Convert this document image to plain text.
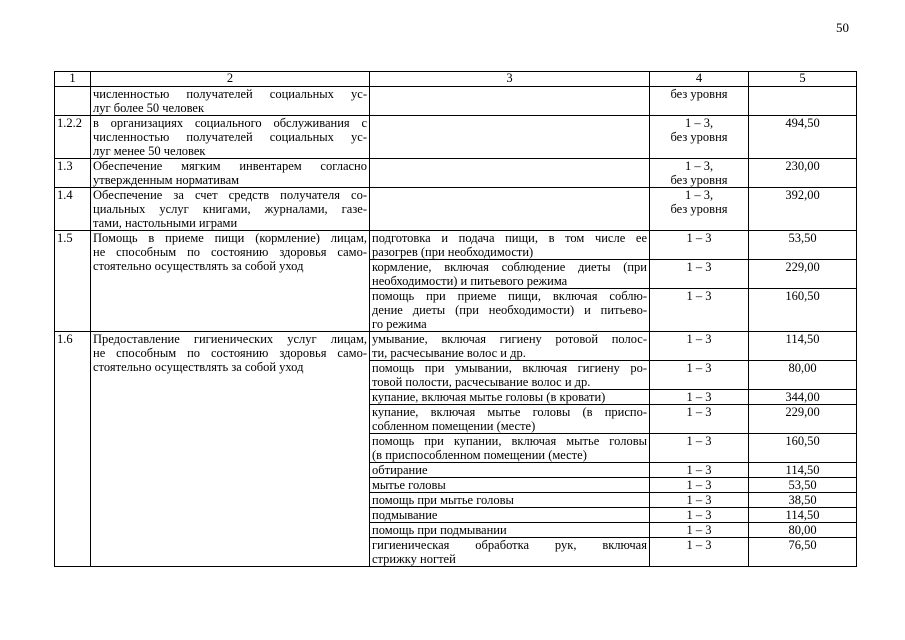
50
1	2	3	4	5

	численностью получателей социальных ус-
луг более 50 человек		без уровня	

1.2.2	в организациях социального обслуживания с
численностью получателей социальных ус-
луг менее 50 человек		1 – 3,
без уровня	494,50

1.3	Обеспечение мягким инвентарем согласно
утвержденным нормативам		1 – 3,
без уровня	230,00

1.4	Обеспечение за счет средств получателя со-
циальных услуг книгами, журналами, газе-
тами, настольными играми		1 – 3,
без уровня	392,00

1.5	Помощь в приеме пищи (кормление) лицам,
не способным по состоянию здоровья само-
стоятельно осуществлять за собой уход	подготовка и подача пищи, в том числе ее
разогрев (при необходимости)	1 – 3	53,50

		кормление, включая соблюдение диеты (при
необходимости) и питьевого режима	1 – 3	229,00

		помощь при приеме пищи, включая соблю-
дение диеты (при необходимости) и питьево-
го режима	1 – 3	160,50

1.6	Предоставление гигиенических услуг лицам,
не способным по состоянию здоровья само-
стоятельно осуществлять за собой уход	умывание, включая гигиену ротовой полос-
ти, расчесывание волос и др.	1 – 3	114,50

		помощь при умывании, включая гигиену ро-
товой полости, расчесывание волос и др.	1 – 3	80,00

		купание, включая мытье головы (в кровати)	1 – 3	344,00

		купание, включая мытье головы (в приспо-
собленном помещении (месте)	1 – 3	229,00

		помощь при купании, включая мытье головы
(в приспособленном помещении (месте)	1 – 3	160,50

		обтирание	1 – 3	114,50

		мытье головы	1 – 3	53,50

		помощь при мытье головы	1 – 3	38,50

		подмывание	1 – 3	114,50

		помощь при подмывании	1 – 3	80,00

		гигиеническая обработка рук, включая
стрижку ногтей	1 – 3	76,50
